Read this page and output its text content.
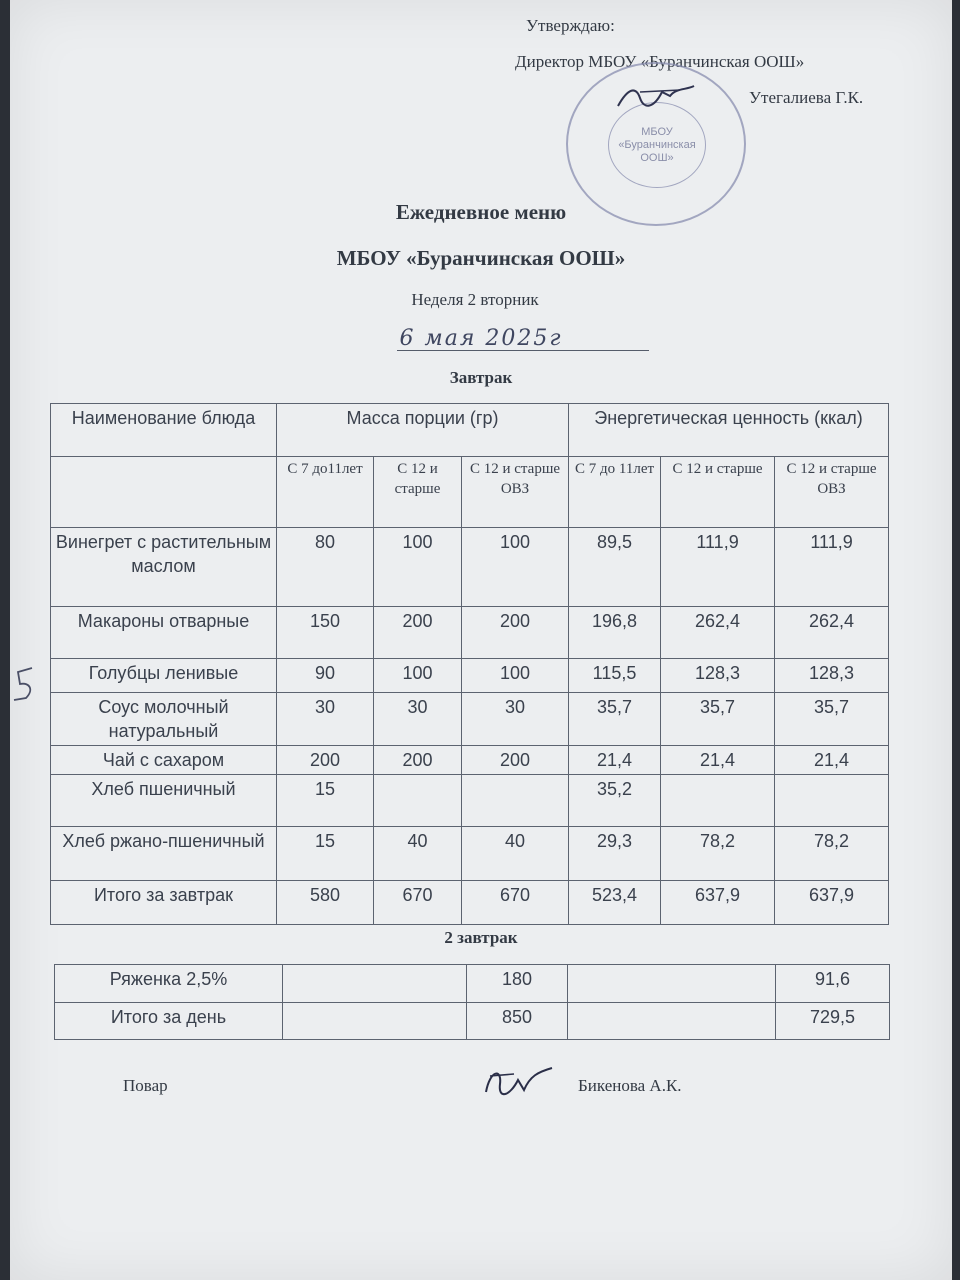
Утверждаю:
Директор МБОУ «Буранчинская ООШ»
Утегалиева Г.К.
МБОУ
«Буранчинская
ООШ»
Ежедневное меню
МБОУ «Буранчинская ООШ»
Неделя 2 вторник
6 мая 2025г
Завтрак
Наименование блюда	Масса порции (гр)			Энергетическая ценность (ккал)		
	С 7 до11лет	С 12 и старше	С 12 и старше ОВЗ	С 7 до 11лет	С 12 и старше	С 12 и старше ОВЗ
Винегрет с растительным маслом	80	100	100	89,5	111,9	111,9
Макароны отварные	150	200	200	196,8	262,4	262,4
Голубцы ленивые	90	100	100	115,5	128,3	128,3
Соус молочный натуральный	30	30	30	35,7	35,7	35,7
Чай с сахаром	200	200	200	21,4	21,4	21,4
Хлеб пшеничный	15			35,2		
Хлеб ржано-пшеничный	15	40	40	29,3	78,2	78,2
Итого за завтрак	580	670	670	523,4	637,9	637,9
2 завтрак
Ряженка 2,5%		180		91,6
Итого за день		850		729,5
Повар	Бикенова А.К.
